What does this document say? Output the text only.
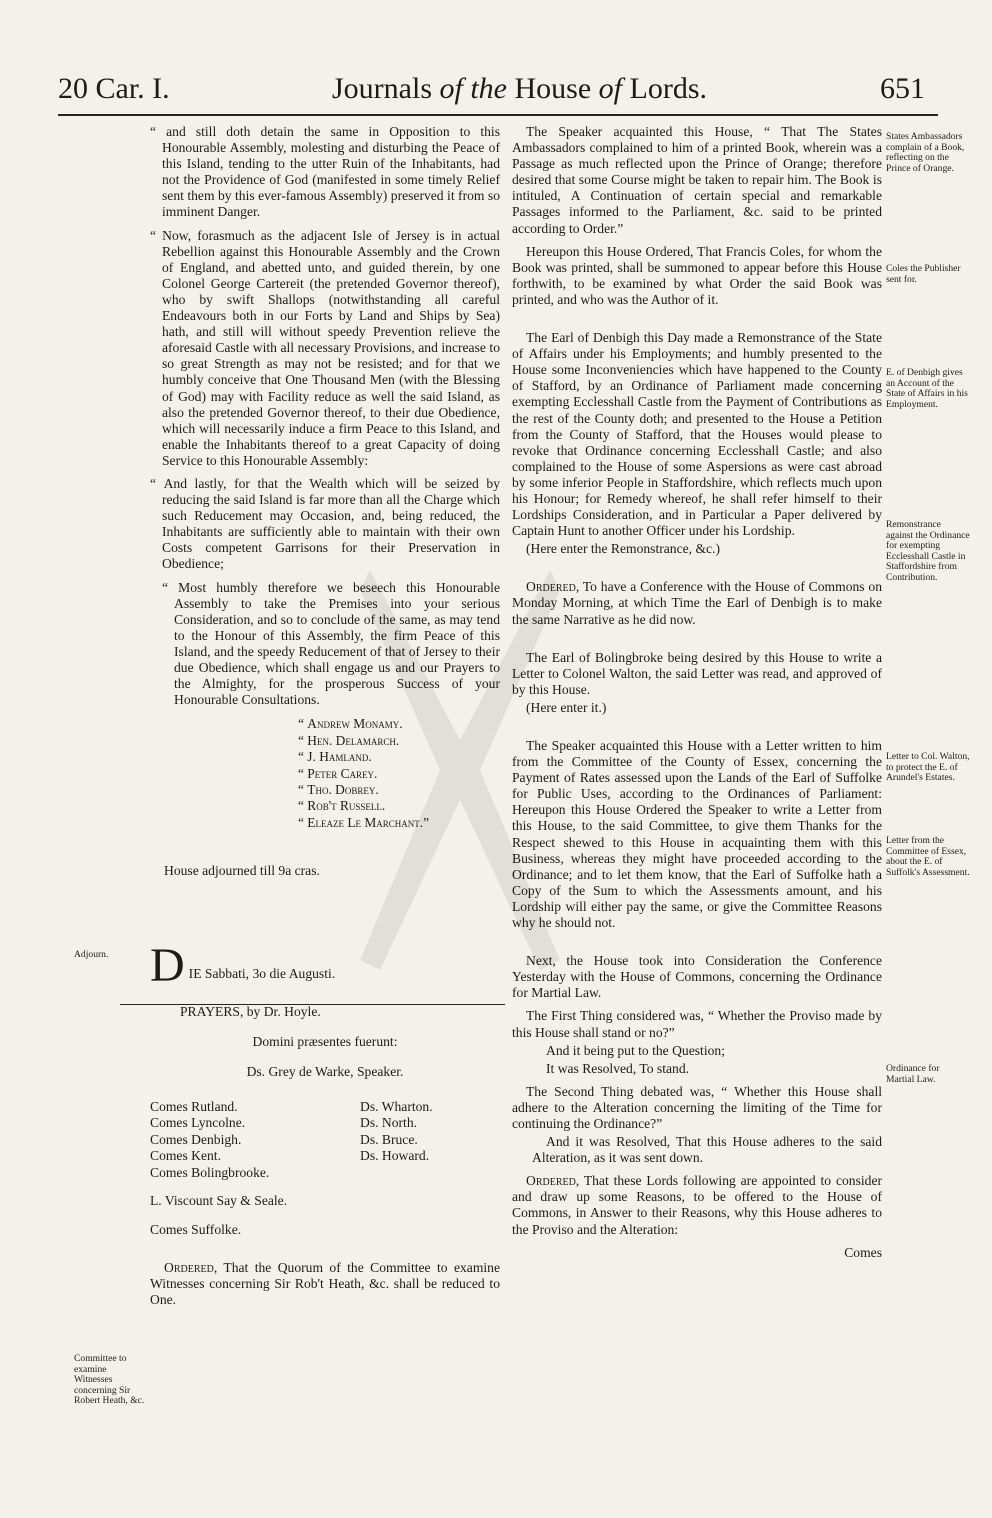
20 Car. I.	Journals of the House of Lords.	651

“ and still doth detain the same in Opposition to this Honourable Assembly, molesting and disturbing the Peace of this Island, tending to the utter Ruin of the Inhabitants, had not the Providence of God (manifested in some timely Relief sent them by this ever-famous Assembly) preserved it from so imminent Danger.

“ Now, forasmuch as the adjacent Isle of Jersey is in actual Rebellion against this Honourable Assembly and the Crown of England, and abetted unto, and guided therein, by one Colonel George Cartereit (the pretended Governor thereof), who by swift Shallops (notwithstanding all careful Endeavours both in our Forts by Land and Ships by Sea) hath, and still will without speedy Prevention relieve the aforesaid Castle with all necessary Provisions, and increase to so great Strength as may not be resisted; and for that we humbly conceive that One Thousand Men (with the Blessing of God) may with Facility reduce as well the said Island, as also the pretended Governor thereof, to their due Obedience, which will necessarily induce a firm Peace to this Island, and enable the Inhabitants thereof to a great Capacity of doing Service to this Honourable Assembly:

“ And lastly, for that the Wealth which will be seized by reducing the said Island is far more than all the Charge which such Reducement may Occasion, and, being reduced, the Inhabitants are sufficiently able to maintain with their own Costs competent Garrisons for their Preservation in Obedience;

“ Most humbly therefore we beseech this Honourable Assembly to take the Premises into your serious Consideration, and so to conclude of the same, as may tend to the Honour of this Assembly, the firm Peace of this Island, and the speedy Reducement of that of Jersey to their due Obedience, which shall engage us and our Prayers to the Almighty, for the prosperous Success of your Honourable Consultations.

“ Andrew Monamy.
“ Hen. Delamarch.
“ J. Hamland.
“ Peter Carey.
“ Tho. Dobrey.
“ Rob't Russell.
“ Eleaze Le Marchant.”

House adjourned till 9a cras.

D IE Sabbati, 3o die Augusti.

PRAYERS, by Dr. Hoyle.

Domini præsentes fuerunt:

Ds. Grey de Warke, Speaker.

Comes Rutland.
Comes Lyncolne.
Comes Denbigh.
Comes Kent.
Comes Bolingbrooke.
Ds. Wharton.
Ds. North.
Ds. Bruce.
Ds. Howard.

L. Viscount Say & Seale.

Comes Suffolke.

Ordered, That the Quorum of the Committee to examine Witnesses concerning Sir Rob't Heath, &c. shall be reduced to One.

Adjourn.
Committee to examine Witnesses concerning Sir Robert Heath, &c.

The Speaker acquainted this House, “ That The States Ambassadors complained to him of a printed Book, wherein was a Passage as much reflected upon the Prince of Orange; therefore desired that some Course might be taken to repair him. The Book is intituled, A Continuation of certain special and remarkable Passages informed to the Parliament, &c. said to be printed according to Order.”

Hereupon this House Ordered, That Francis Coles, for whom the Book was printed, shall be summoned to appear before this House forthwith, to be examined by what Order the said Book was printed, and who was the Author of it.

The Earl of Denbigh this Day made a Remonstrance of the State of Affairs under his Employments; and humbly presented to the House some Inconveniencies which have happened to the County of Stafford, by an Ordinance of Parliament made concerning exempting Ecclesshall Castle from the Payment of Contributions as the rest of the County doth; and presented to the House a Petition from the County of Stafford, that the Houses would please to revoke that Ordinance concerning Ecclesshall Castle; and also complained to the House of some Aspersions as were cast abroad by some inferior People in Staffordshire, which reflects much upon his Honour; for Remedy whereof, he shall refer himself to their Lordships Consideration, and in Particular a Paper delivered by Captain Hunt to another Officer under his Lordship.

(Here enter the Remonstrance, &c.)

Ordered, To have a Conference with the House of Commons on Monday Morning, at which Time the Earl of Denbigh is to make the same Narrative as he did now.

The Earl of Bolingbroke being desired by this House to write a Letter to Colonel Walton, the said Letter was read, and approved of by this House.

(Here enter it.)

The Speaker acquainted this House with a Letter written to him from the Committee of the County of Essex, concerning the Payment of Rates assessed upon the Lands of the Earl of Suffolke for Public Uses, according to the Ordinances of Parliament: Hereupon this House Ordered the Speaker to write a Letter from this House, to the said Committee, to give them Thanks for the Respect shewed to this House in acquainting them with this Business, whereas they might have proceeded according to the Ordinance; and to let them know, that the Earl of Suffolke hath a Copy of the Sum to which the Assessments amount, and his Lordship will either pay the same, or give the Committee Reasons why he should not.

Next, the House took into Consideration the Conference Yesterday with the House of Commons, concerning the Ordinance for Martial Law.

The First Thing considered was, “ Whether the Proviso made by this House shall stand or no?”

And it being put to the Question;

It was Resolved, To stand.

The Second Thing debated was, “ Whether this House shall adhere to the Alteration concerning the limiting of the Time for continuing the Ordinance?”

And it was Resolved, That this House adheres to the said Alteration, as it was sent down.

Ordered, That these Lords following are appointed to consider and draw up some Reasons, to be offered to the House of Commons, in Answer to their Reasons, why this House adheres to the Proviso and the Alteration:

Comes

States Ambassadors complain of a Book, reflecting on the Prince of Orange.
Coles the Publisher sent for.
E. of Denbigh gives an Account of the State of Affairs in his Employment.
Remonstrance against the Ordinance for exempting Ecclesshall Castle in Staffordshire from Contribution.
Letter to Col. Walton, to protect the E. of Arundel's Estates.
Letter from the Committee of Essex, about the E. of Suffolk's Assessment.
Ordinance for Martial Law.
